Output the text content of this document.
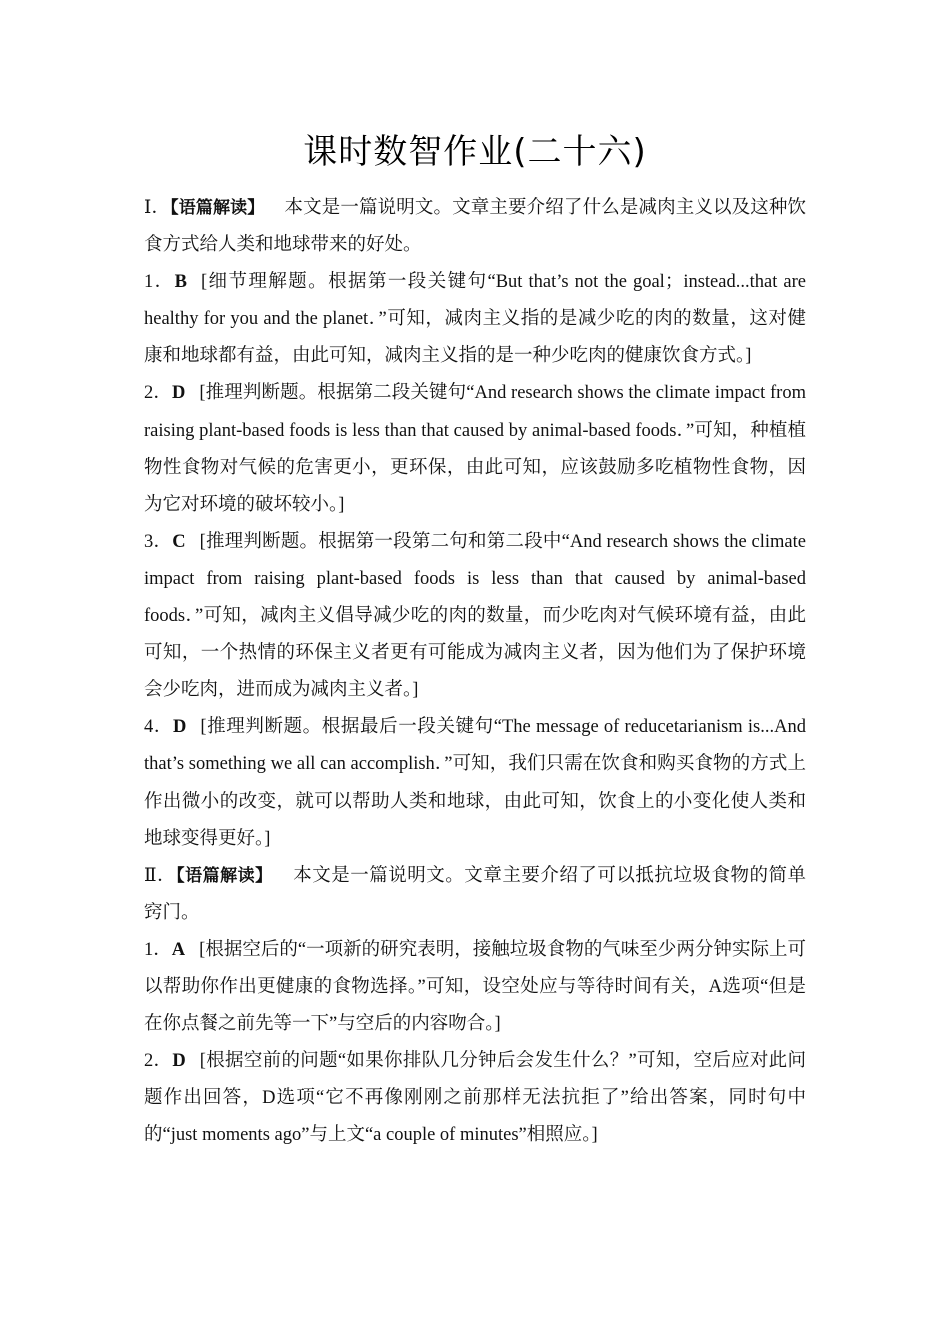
课时数智作业(二十六)

Ⅰ．【语篇解读】 本文是一篇说明文。文章主要介绍了什么是减肉主义以及这种饮食方式给人类和地球带来的好处。

1．B [细节理解题。根据第一段关键句“But that’s not the goal；instead...that are healthy for you and the planet．”可知，减肉主义指的是减少吃的肉的数量，这对健康和地球都有益，由此可知，减肉主义指的是一种少吃肉的健康饮食方式。]

2．D [推理判断题。根据第二段关键句“And research shows the climate impact from raising plant-based foods is less than that caused by animal-based foods．”可知，种植植物性食物对气候的危害更小，更环保，由此可知，应该鼓励多吃植物性食物，因为它对环境的破坏较小。]

3．C [推理判断题。根据第一段第二句和第二段中“And research shows the climate impact from raising plant-based foods is less than that caused by animal-based foods．”可知，减肉主义倡导减少吃的肉的数量，而少吃肉对气候环境有益，由此可知，一个热情的环保主义者更有可能成为减肉主义者，因为他们为了保护环境会少吃肉，进而成为减肉主义者。]

4．D [推理判断题。根据最后一段关键句“The message of reducetarianism is...And that’s something we all can accomplish．”可知，我们只需在饮食和购买食物的方式上作出微小的改变，就可以帮助人类和地球，由此可知，饮食上的小变化使人类和地球变得更好。]

Ⅱ．【语篇解读】 本文是一篇说明文。文章主要介绍了可以抵抗垃圾食物的简单窍门。

1．A [根据空后的“一项新的研究表明，接触垃圾食物的气味至少两分钟实际上可以帮助你作出更健康的食物选择。”可知，设空处应与等待时间有关，A选项“但是在你点餐之前先等一下”与空后的内容吻合。]

2．D [根据空前的问题“如果你排队几分钟后会发生什么？”可知，空后应对此问题作出回答，D选项“它不再像刚刚之前那样无法抗拒了”给出答案，同时句中的“just moments ago”与上文“a couple of minutes”相照应。]
